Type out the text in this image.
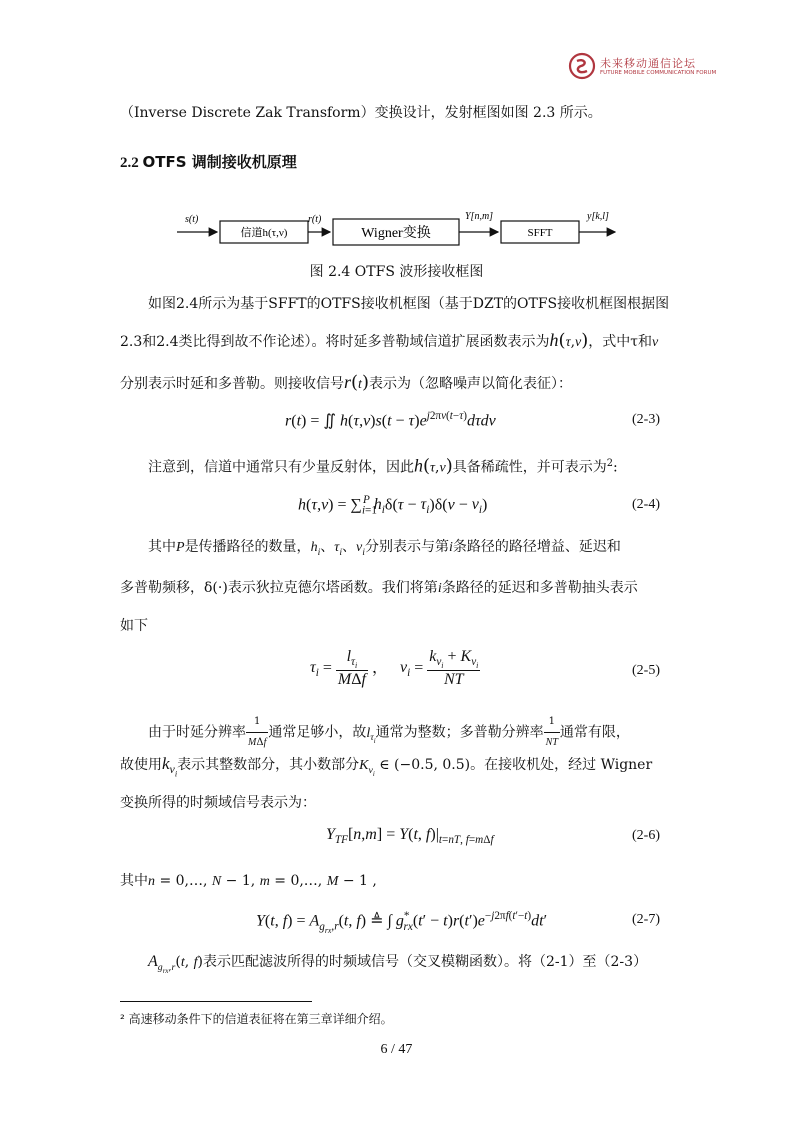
未来移动通信论坛
FUTURE MOBILE COMMUNICATION FORUM
（Inverse Discrete Zak Transform）变换设计，发射框图如图 2.3 所示。
2.2 OTFS 调制接收机原理
s(t)	r(t)	Y[n,m]	y[k,l]
信道h(τ,ν)	Wigner变换	SFFT
图 2.4 OTFS 波形接收框图
如图2.4所示为基于SFFT的OTFS接收机框图（基于DZT的OTFS接收机框图根据图
2.3和2.4类比得到故不作论述）。将时延多普勒域信道扩展函数表示为h(τ,ν)，式中τ和ν
分别表示时延和多普勒。则接收信号r(t)表示为（忽略噪声以简化表征）：
r(t) = ∬ $h(\tau,\nu)s(t - \tau)e^{j2\pi\nu(t-\tau)}d\tau d\nu$	(2-3)
注意到，信道中通常只有少量反射体，因此h(τ,ν)具备稀疏性，并可表示为$^2$:
$h(\tau,\nu) = \sum_{i=1}^P$ $h_i\delta(\tau - \tau_i)\delta(\nu - \nu_i)$	(2-4)
其中P是传播路径的数量，$h_i$、$\tau_i$、$\nu_i$分别表示与第i条路径的路径增益、延迟和
多普勒频移，δ(·)表示狄拉克德尔塔函数。我们将第i条路径的延迟和多普勒抽头表示
如下
$\tau_i = \frac{l_{\tau_i}}{\text{MΔf}}$ ，   $\nu_i = \frac{k_{\nu_i} + K_{\nu_i}}{NT}$	(2-5)
由于时延分辨率 $\frac{1}{\text{MΔf}}$ 通常足够小，故$l_{\tau_i}$通常为整数；多普勒分辨率 $\frac{1}{NT}$ 通常有限，
故使用$k_{\nu_i}$表示其整数部分，其小数部分$K_{\nu_i}$ ∈ (−0.5, 0.5)。在接收机处，经过 Wigner
变换所得的时频域信号表示为：
$Y_{TF}[n,m] = Y(t$, $f)|_{t=nT, f=m\Delta f}$	(2-6)
其中n = 0,…, N − 1, m = 0,…, M − 1 ,
Y(t, $f) = A_{g_{rx},r}(t$, f) ≜ ∫ $g^*_{rx}(t' - t)r(t')e^{-j2\pi f(t'-t)}dt'$	(2-7)
$A_{g_{rx},r}(t$, f)表示匹配滤波所得的时频域信号（交叉模糊函数）。将（2-1）至（2-3）
² 高速移动条件下的信道表征将在第三章详细介绍。
6 / 47
